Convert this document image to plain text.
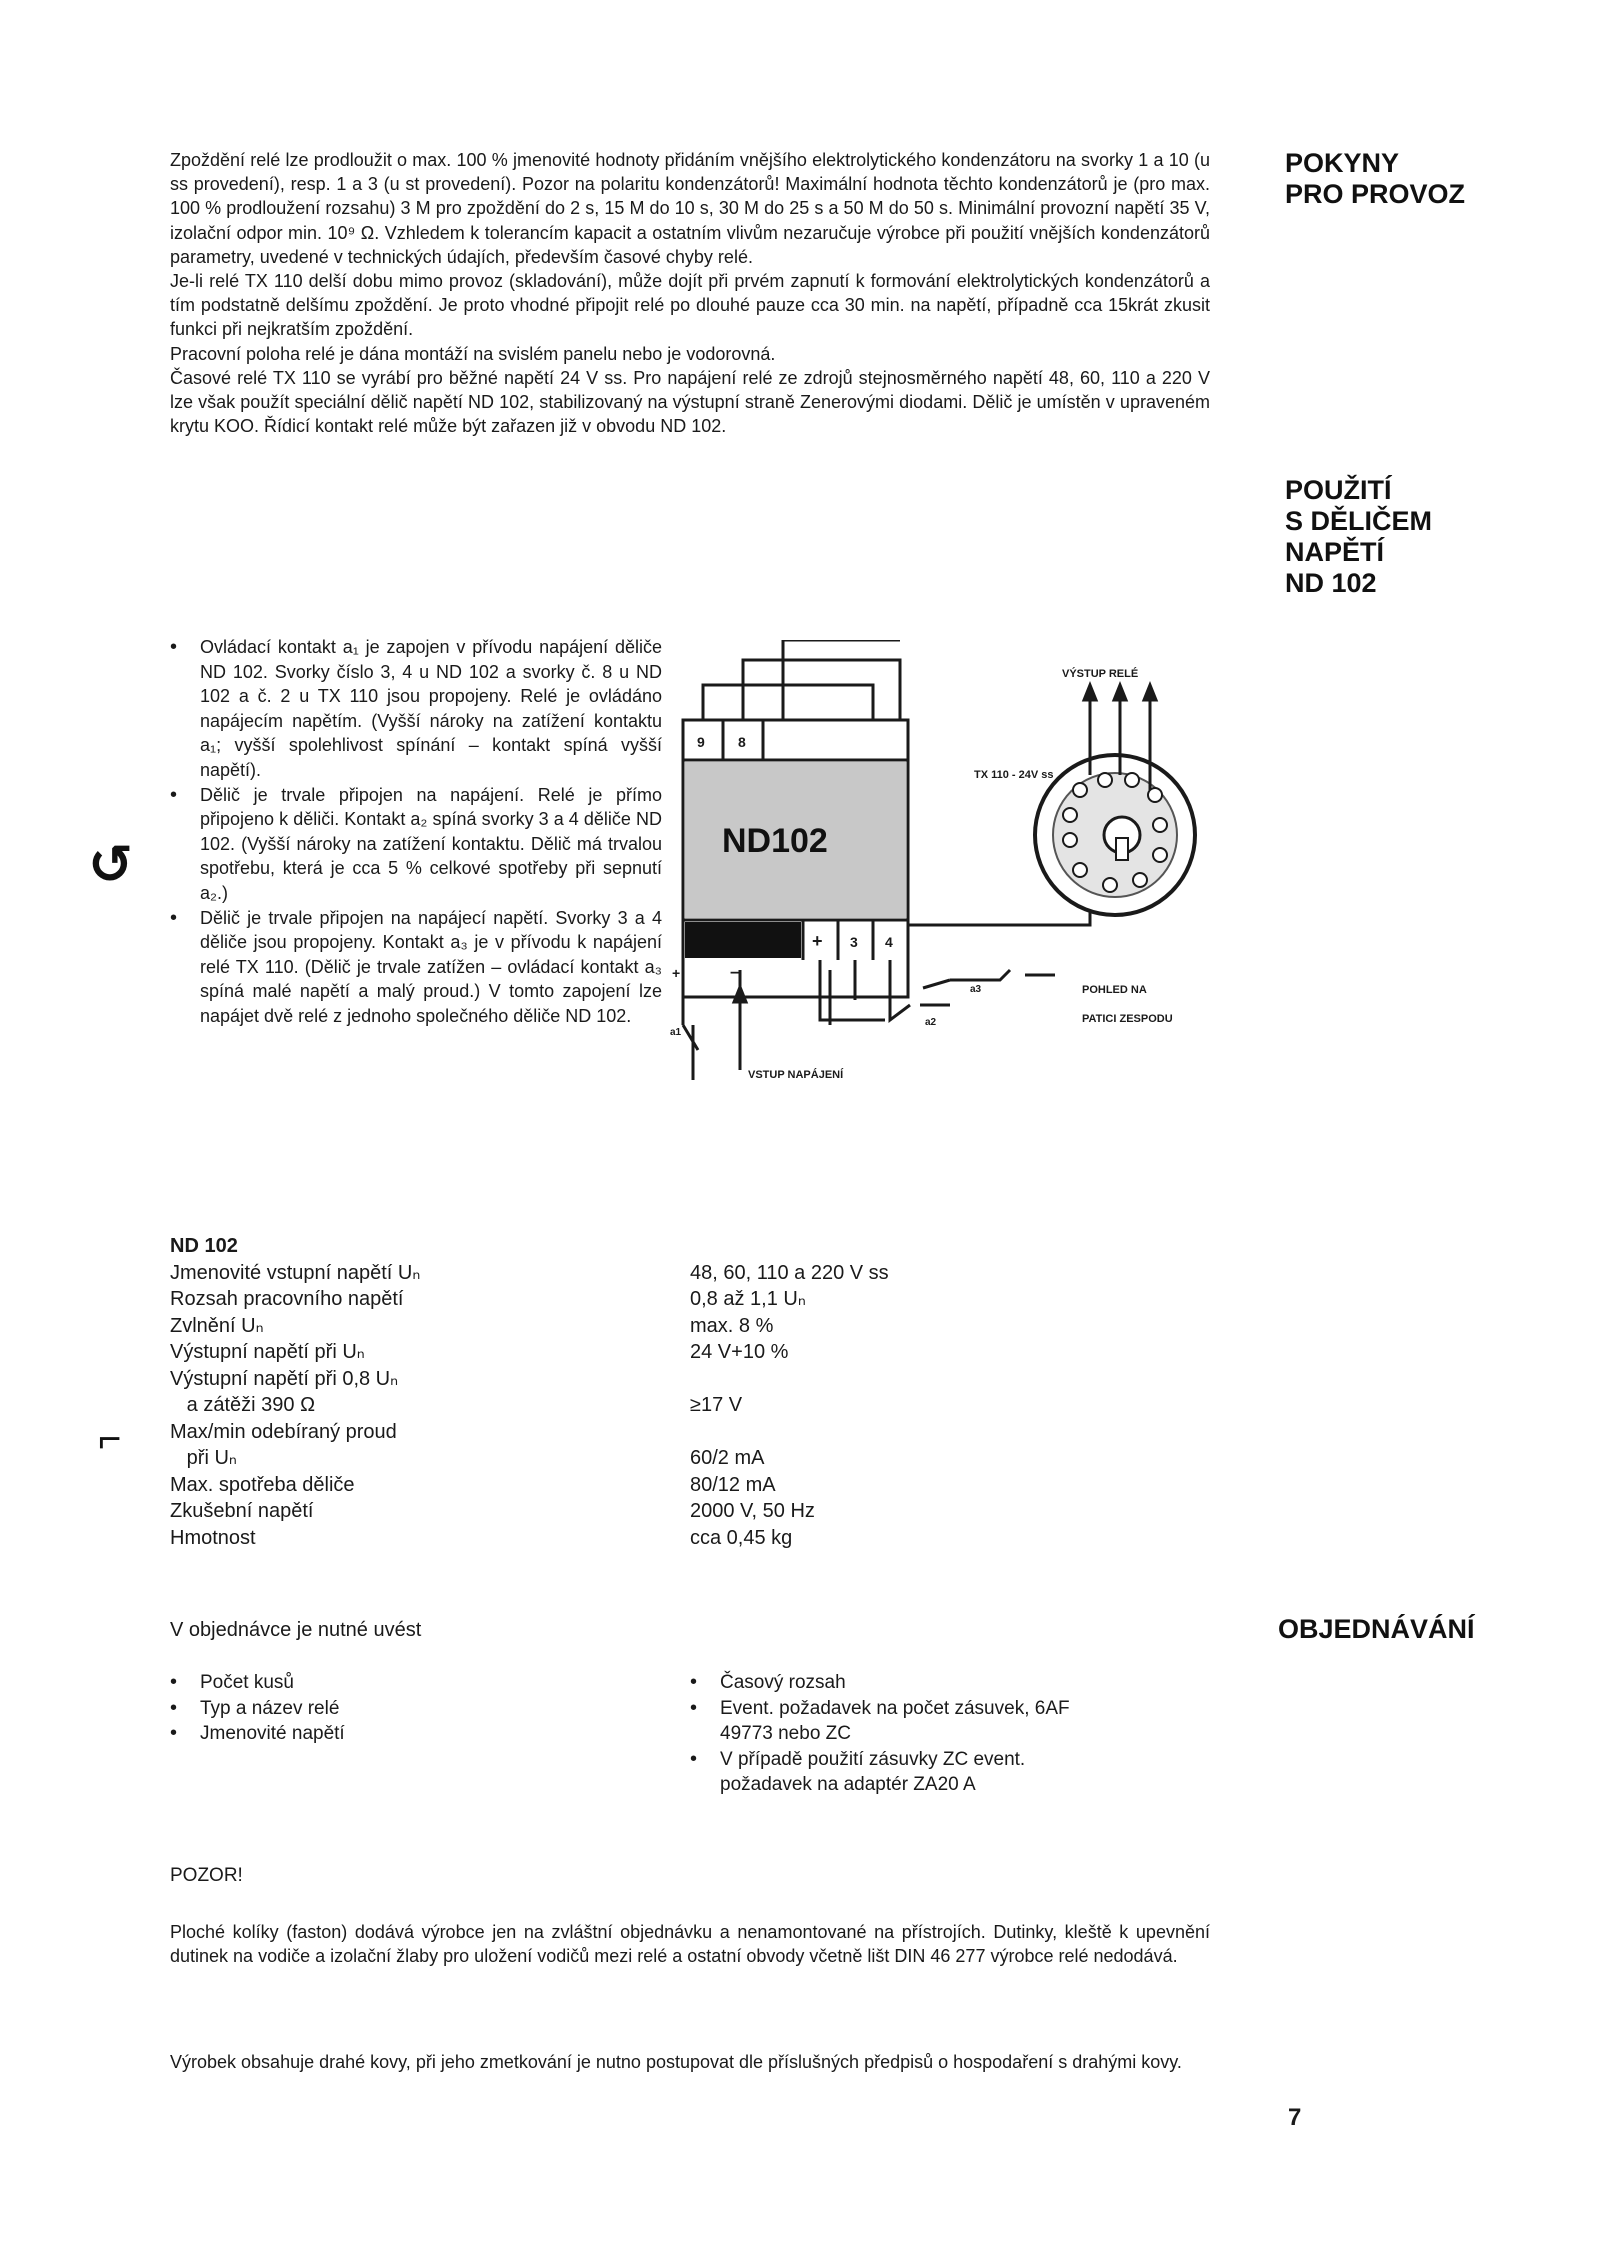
POKYNY
PRO PROVOZ
POUŽITÍ
S DĚLIČEM
NAPĚTÍ
ND 102
OBJEDNÁVÁNÍ

Zpoždění relé lze prodloužit o max. 100 % jmenovité hodnoty přidáním vnějšího elektrolytického kondenzátoru na svorky 1 a 10 (u ss provedení), resp. 1 a 3 (u st provedení). Pozor na polaritu kondenzátorů! Maximální hodnota těchto kondenzátorů je (pro max. 100 % prodloužení rozsahu) 3 M pro zpoždění do 2 s, 15 M do 10 s, 30 M do 25 s a 50 M do 50 s. Minimální provozní napětí 35 V, izolační odpor min. 10⁹ Ω. Vzhledem k tolerancím kapacit a ostatním vlivům nezaručuje výrobce při použití vnějších kondenzátorů parametry, uvedené v technických údajích, především časové chyby relé.

Je-li relé TX 110 delší dobu mimo provoz (skladování), může dojít při prvém zapnutí k formování elektrolytických kondenzátorů a tím podstatně delšímu zpoždění. Je proto vhodné připojit relé po dlouhé pauze cca 30 min. na napětí, případně cca 15krát zkusit funkci při nejkratším zpoždění.

Pracovní poloha relé je dána montáží na svislém panelu nebo je vodorovná.

Časové relé TX 110 se vyrábí pro běžné napětí 24 V ss. Pro napájení relé ze zdrojů stejnosměrného napětí 48, 60, 110 a 220 V lze však použít speciální dělič napětí ND 102, stabilizovaný na výstupní straně Zenerovými diodami. Dělič je umístěn v upraveném krytu KOO. Řídicí kontakt relé může být zařazen již v obvodu ND 102.

↺
⌐
• Ovládací kontakt a₁ je zapojen v přívodu napájení děliče ND 102. Svorky číslo 3, 4 u ND 102 a svorky č. 8 u ND 102 a č. 2 u TX 110 jsou propojeny. Relé je ovládáno napájecím napětím. (Vyšší nároky na zatížení kontaktu a₁; vyšší spolehlivost spínání – kontakt spíná vyšší napětí).
• Dělič je trvale připojen na napájení. Relé je přímo připojeno k děliči. Kontakt a₂ spíná svorky 3 a 4 děliče ND 102. (Vyšší nároky na zatížení kontaktu. Dělič má trvalou spotřebu, která je cca 5 % celkové spotřeby při sepnutí a₂.)
• Dělič je trvale připojen na napájecí napětí. Svorky 3 a 4 děliče jsou propojeny. Kontakt a₃ je v přívodu k napájení relé TX 110. (Dělič je trvale zatížen – ovládací kontakt a₃ spíná malé napětí a malý proud.) V tomto zapojení lze napájet dvě relé z jednoho společného děliče ND 102.
VÝSTUP RELÉ
TX 110 - 24V ss
ND102
9 8
+ 3 4
POHLED NA
PATICI ZESPODU
VSTUP NAPÁJENÍ
a1
a2
a3
+	−
ND 102
Jmenovité vstupní napětí Uₙ	48, 60, 110 a 220 V ss
Rozsah pracovního napětí	0,8 až 1,1 Uₙ
Zvlnění Uₙ	max. 8 %
Výstupní napětí při Uₙ	24 V+10 %
Výstupní napětí při 0,8 Uₙ
a zátěži 390 Ω	≥17 V
Max/min odebíraný proud
při Uₙ	60/2 mA
Max. spotřeba děliče	80/12 mA
Zkušební napětí	2000 V, 50 Hz
Hmotnost	cca 0,45 kg
V objednávce je nutné uvést
• Počet kusů
• Typ a název relé
• Jmenovité napětí
• Časový rozsah
• Event. požadavek na počet zásuvek, 6AF 49773 nebo ZC
• V případě použití zásuvky ZC event. požadavek na adaptér ZA20 A
POZOR!
Ploché kolíky (faston) dodává výrobce jen na zvláštní objednávku a nenamontované na přístrojích. Dutinky, kleště k upevnění dutinek na vodiče a izolační žlaby pro uložení vodičů mezi relé a ostatní obvody včetně lišt DIN 46 277 výrobce relé nedodává.
Výrobek obsahuje drahé kovy, při jeho zmetkování je nutno postupovat dle příslušných předpisů o hospodaření s drahými kovy.
7
